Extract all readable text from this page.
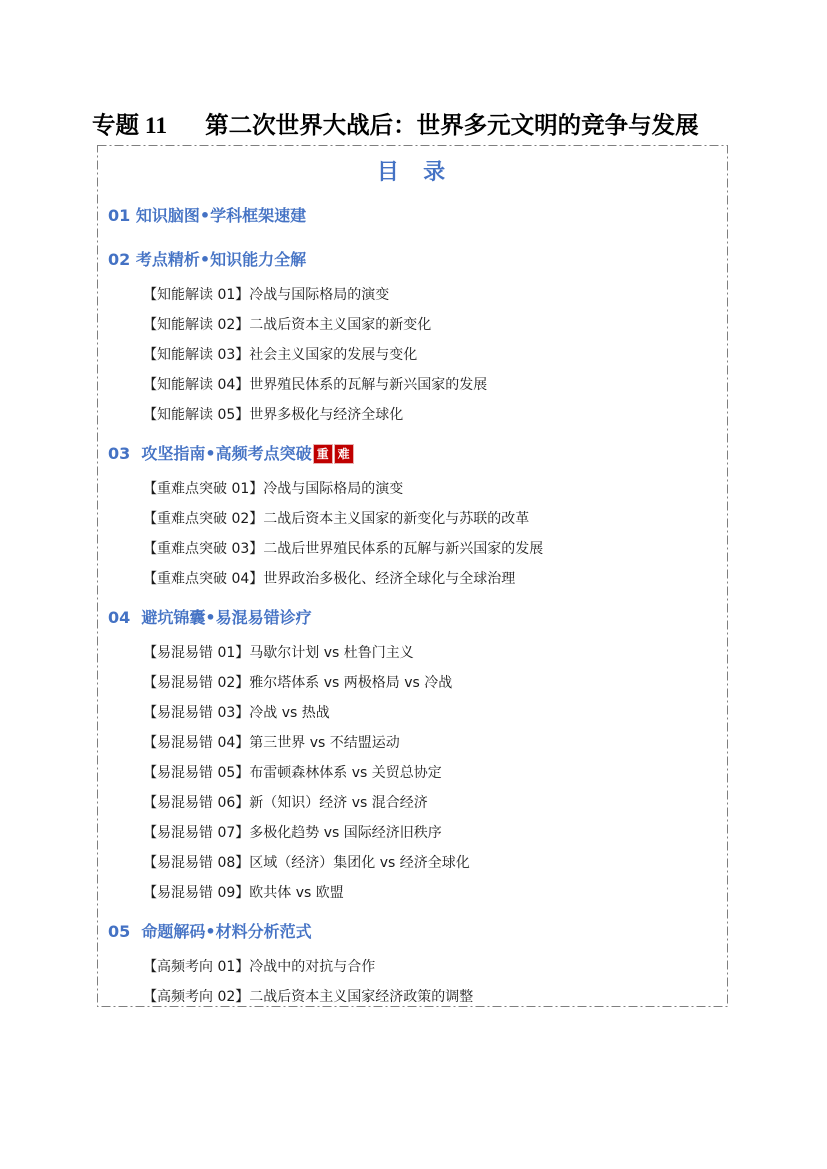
专题 11 第二次世界大战后：世界多元文明的竞争与发展
目  录
01 知识脑图•学科框架速建
02 考点精析•知识能力全解
【知能解读 01】冷战与国际格局的演变
【知能解读 02】二战后资本主义国家的新变化
【知能解读 03】社会主义国家的发展与变化
【知能解读 04】世界殖民体系的瓦解与新兴国家的发展
【知能解读 05】世界多极化与经济全球化
03  攻坚指南•高频考点突破 重 难
【重难点突破 01】冷战与国际格局的演变
【重难点突破 02】二战后资本主义国家的新变化与苏联的改革
【重难点突破 03】二战后世界殖民体系的瓦解与新兴国家的发展
【重难点突破 04】世界政治多极化、经济全球化与全球治理
04  避坑锦囊•易混易错诊疗
【易混易错 01】马歇尔计划 vs 杜鲁门主义
【易混易错 02】雅尔塔体系 vs 两极格局 vs 冷战
【易混易错 03】冷战 vs 热战
【易混易错 04】第三世界 vs 不结盟运动
【易混易错 05】布雷顿森林体系 vs 关贸总协定
【易混易错 06】新（知识）经济 vs 混合经济
【易混易错 07】多极化趋势 vs 国际经济旧秩序
【易混易错 08】区域（经济）集团化 vs 经济全球化
【易混易错 09】欧共体 vs 欧盟
05  命题解码•材料分析范式
【高频考向 01】冷战中的对抗与合作
【高频考向 02】二战后资本主义国家经济政策的调整
